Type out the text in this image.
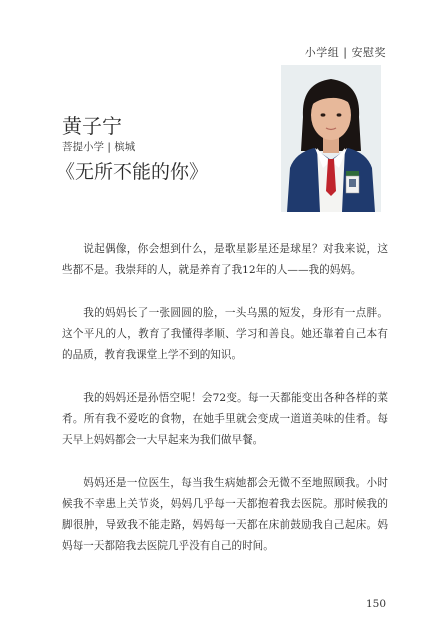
小学组 | 安慰奖
黄子宁
菩提小学 | 槟城
《无所不能的你》

说起偶像，你会想到什么，是歌星影星还是球星？对我来说，这些都不是。我崇拜的人，就是养育了我12年的人——我的妈妈。

我的妈妈长了一张圆圆的脸，一头乌黑的短发，身形有一点胖。这个平凡的人，教育了我懂得孝顺、学习和善良。她还靠着自己本有的品质，教育我课堂上学不到的知识。

我的妈妈还是孙悟空呢！会72变。每一天都能变出各种各样的菜肴。所有我不爱吃的食物，在她手里就会变成一道道美味的佳肴。每天早上妈妈都会一大早起来为我们做早餐。

妈妈还是一位医生，每当我生病她都会无微不至地照顾我。小时候我不幸患上关节炎，妈妈几乎每一天都抱着我去医院。那时候我的脚很肿，导致我不能走路，妈妈每一天都在床前鼓励我自己起床。妈妈每一天都陪我去医院几乎没有自己的时间。

150
